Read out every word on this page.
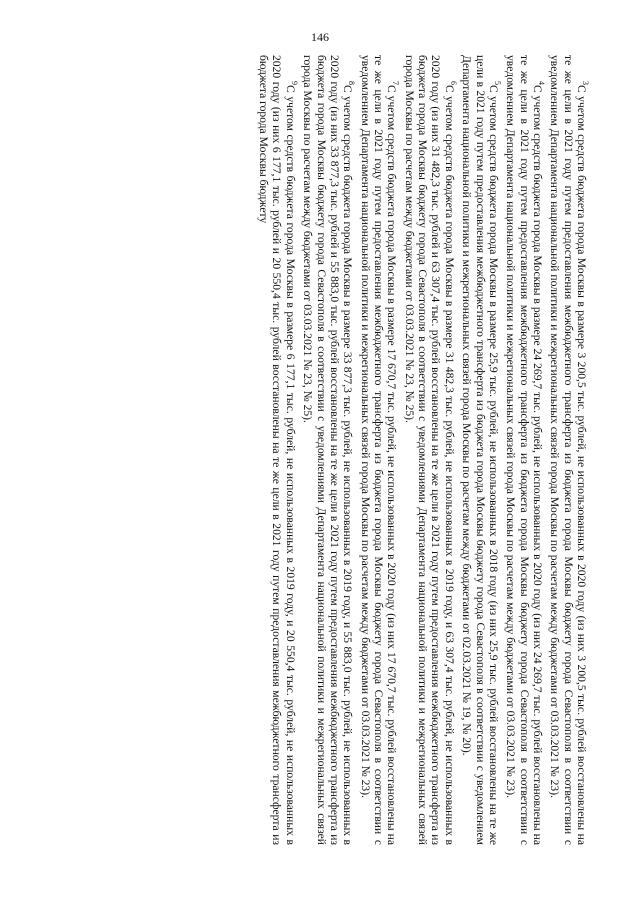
146

$^3$С учетом средств бюджета города Москвы в размере 3 200,5 тыс. рублей, не использованных в 2020 году (из них 3 200,5 тыс. рублей восстановлены на те же цели в 2021 году путем предоставления межбюджетного трансферта из бюджета города Москвы бюджету города Севастополя в соответствии с уведомлением Департамента национальной политики и межрегиональных связей города Москвы по расчетам между бюджетами от 03.03.2021 № 23).

$^4$С учетом средств бюджета города Москвы в размере 24 269,7 тыс. рублей, не использованных в 2020 году (из них 24 269,7 тыс. рублей восстановлены на те же цели в 2021 году путем предоставления межбюджетного трансферта из бюджета города Москвы бюджету города Севастополя в соответствии с уведомлением Департамента национальной политики и межрегиональных связей города Москвы по расчетам между бюджетами от 03.03.2021 № 23).

$^5$С учетом средств бюджета города Москвы в размере 25,9 тыс. рублей, не использованных в 2018 году (из них 25,9 тыс. рублей восстановлены на те же цели в 2021 году путем предоставления межбюджетного трансферта из бюджета города Москвы бюджету города Севастополя в соответствии с уведомлением Департамента национальной политики и межрегиональных связей города Москвы по расчетам между бюджетами от 02.03.2021 № 19, № 20).

$^6$С учетом средств бюджета города Москвы в размере 31 482,3 тыс. рублей, не использованных в 2019 году, и 63 307,4 тыс. рублей, не использованных в 2020 году (из них 31 482,3 тыс. рублей и 63 307,4 тыс. рублей восстановлены на те же цели в 2021 году путем предоставления межбюджетного трансферта из бюджета города Москвы бюджету города Севастополя в соответствии с уведомлениями Департамента национальной политики и межрегиональных связей города Москвы по расчетам между бюджетами от 03.03.2021 № 23, № 25).

$^7$С учетом средств бюджета города Москвы в размере 17 670,7 тыс. рублей, не использованных в 2020 году (из них 17 670,7 тыс. рублей восстановлены на те же цели в 2021 году путем предоставления межбюджетного трансферта из бюджета города Москвы бюджету города Севастополя в соответствии с уведомлением Департамента национальной политики и межрегиональных связей города Москвы по расчетам между бюджетами от 03.03.2021 № 23).

$^8$С учетом средств бюджета города Москвы в размере 33 877,3 тыс. рублей, не использованных в 2019 году, и 55 883,0 тыс. рублей, не использованных в 2020 году (из них 33 877,3 тыс. рублей и 55 883,0 тыс. рублей восстановлены на те же цели в 2021 году путем предоставления межбюджетного трансферта из бюджета города Москвы бюджету города Севастополя в соответствии с уведомлениями Департамента национальной политики и межрегиональных связей города Москвы по расчетам между бюджетами от 03.03.2021 № 23, № 25).

$^9$С учетом средств бюджета города Москвы в размере 6 177,1 тыс. рублей, не использованных в 2019 году, и 20 550,4 тыс. рублей, не использованных в 2020 году (из них 6 177,1 тыс. рублей и 20 550,4 тыс. рублей восстановлены на те же цели в 2021 году путем предоставления межбюджетного трансферта из бюджета города Москвы бюджету
